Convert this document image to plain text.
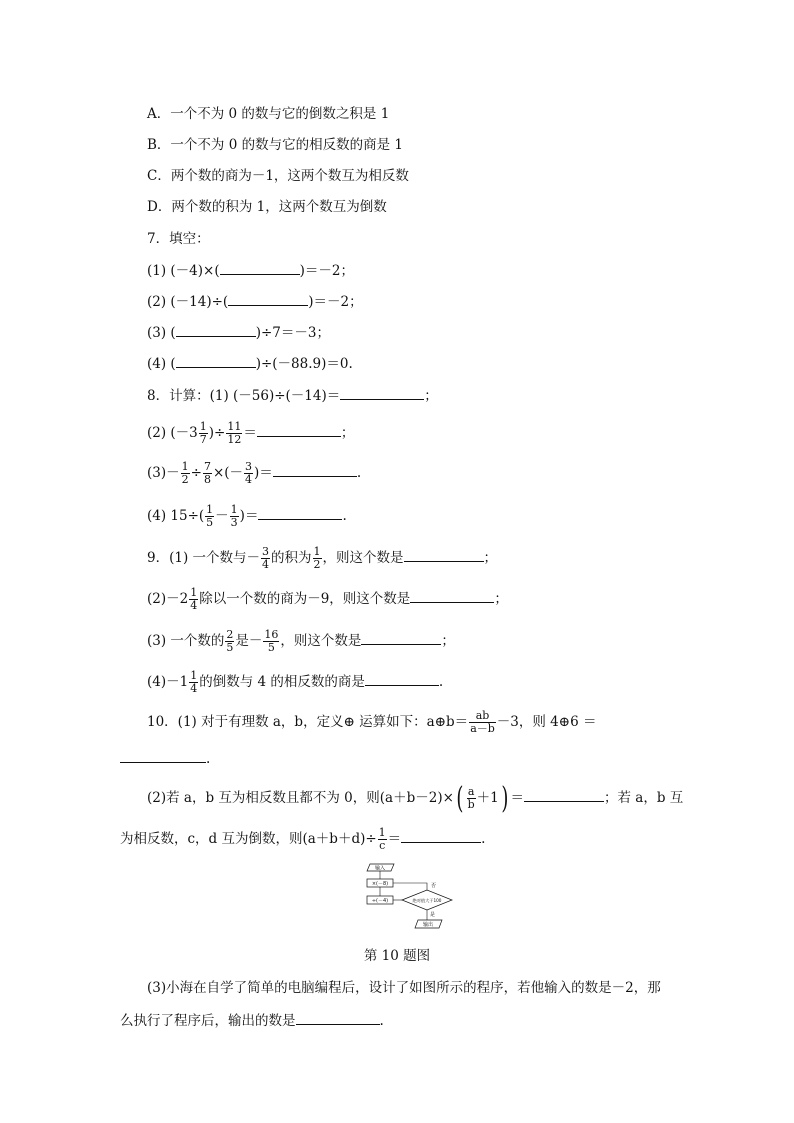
A．一个不为 0 的数与它的倒数之积是 1
B．一个不为 0 的数与它的相反数的商是 1
C．两个数的商为－1，这两个数互为相反数
D．两个数的积为 1，这两个数互为倒数
7．填空：
(1) (－4)×(	)＝－2；
(2) (－14)÷(	)＝－2；
(3) (	)÷7＝－3；
(4) (	)÷(－88.9)＝0.
8．计算：(1) (－56)÷(－14)＝	；
(2) ($-3 \frac{1}{7}$ )÷ $\frac{11}{12}$ ＝	；
$(3)- \frac{1}{2} \div \frac{7}{8}$ ×(－ $\frac{3}{4}$ )＝	.
(4) $15\div( \frac{1}{5} - \frac{1}{3}$ )＝	.
9．(1) 一个数与－ $\frac{3}{4}$ 的积为 $\frac{1}{2}$ ，则这个数是	；
$(2)-2 \frac{1}{4}$ 除以一个数的商为－9，则这个数是	；
(3) 一个数的 $\frac{2}{5}$ 是－ $\frac{16}{5}$ ，则这个数是	；
$(4)-1 \frac{1}{4}$ 的倒数与 4 的相反数的商是	.
10．(1) 对于有理数 a，b，定义⊕ 运算如下：a⊕b＝ $\frac{ab}{a-b} -3$，则 4⊕6 ＝
.
(2)若 a，b 互为相反数且都不为 0，则$(a+b-2)\times( \frac{a}{b} +1)$ ＝	；若 a，b 互
为相反数，c，d 互为倒数，则$(a+b+d)\div \frac{1}{c}$ ＝	.
输入
×(－8)
÷(－4)	绝对值大于100
否
是
输出
第 10 题图
(3)小海在自学了简单的电脑编程后，设计了如图所示的程序，若他输入的数是－2，那
么执行了程序后，输出的数是	.
